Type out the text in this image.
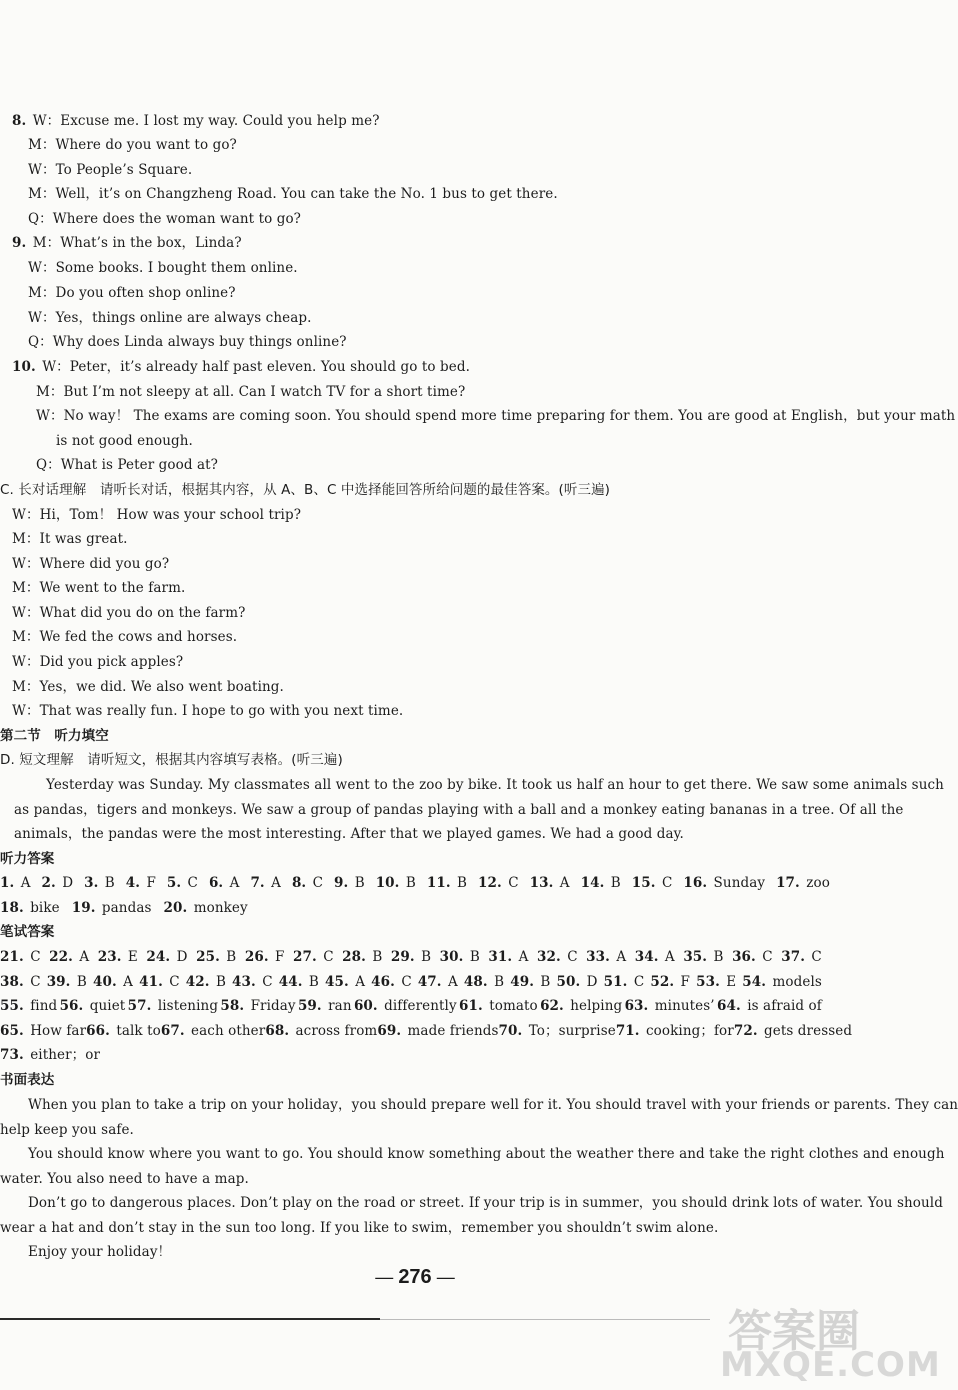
8. W：Excuse me. I lost my way. Could you help me?
M：Where do you want to go?
W：To People’s Square.
M：Well，it’s on Changzheng Road. You can take the No. 1 bus to get there.
Q：Where does the woman want to go?
9. M：What’s in the box，Linda?
W：Some books. I bought them online.
M：Do you often shop online?
W：Yes，things online are always cheap.
Q：Why does Linda always buy things online?
10. W：Peter，it’s already half past eleven. You should go to bed.
M：But I’m not sleepy at all. Can I watch TV for a short time?
W：No way！ The exams are coming soon. You should spend more time preparing for them. You are good at English，but your math
is not good enough.
Q：What is Peter good at?
C. 长对话理解　请听长对话，根据其内容，从 A、B、C 中选择能回答所给问题的最佳答案。(听三遍)
W：Hi，Tom！ How was your school trip?
M：It was great.
W：Where did you go?
M：We went to the farm.
W：What did you do on the farm?
M：We fed the cows and horses.
W：Did you pick apples?
M：Yes，we did. We also went boating.
W：That was really fun. I hope to go with you next time.
第二节　听力填空
D. 短文理解　请听短文，根据其内容填写表格。(听三遍)
Yesterday was Sunday. My classmates all went to the zoo by bike. It took us half an hour to get there. We saw some animals such
as pandas，tigers and monkeys. We saw a group of pandas playing with a ball and a monkey eating bananas in a tree. Of all the
animals，the pandas were the most interesting. After that we played games. We had a good day.
听力答案
1. A 2. D 3. B 4. F 5. C 6. A 7. A 8. C 9. B 10. B 11. B 12. C 13. A 14. B 15. C 16. Sunday 17. zoo
18. bike 19. pandas 20. monkey
笔试答案
21. C 22. A 23. E 24. D 25. B 26. F 27. C 28. B 29. B 30. B 31. A 32. C 33. A 34. A 35. B 36. C 37. C
38. C 39. B 40. A 41. C 42. B 43. C 44. B 45. A 46. C 47. A 48. B 49. B 50. D 51. C 52. F 53. E 54. models
55. find 56. quiet 57. listening 58. Friday 59. ran 60. differently 61. tomato 62. helping 63. minutes’ 64. is afraid of
65. How far 66. talk to 67. each other 68. across from 69. made friends 70. To；surprise 71. cooking；for 72. gets dressed
73. either；or
书面表达
When you plan to take a trip on your holiday，you should prepare well for it. You should travel with your friends or parents. They can
help keep you safe.
You should know where you want to go. You should know something about the weather there and take the right clothes and enough
water. You also need to have a map.
Don’t go to dangerous places. Don’t play on the road or street. If your trip is in summer，you should drink lots of water. You should
wear a hat and don’t stay in the sun too long. If you like to swim，remember you shouldn’t swim alone.
Enjoy your holiday！
— 276 —
答案圈
MXQE.COM
